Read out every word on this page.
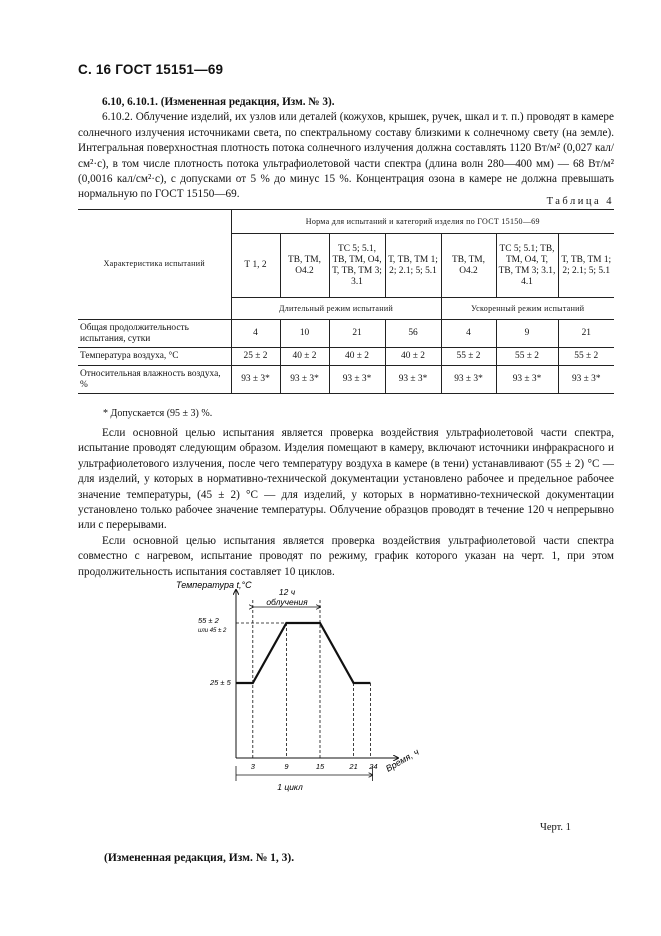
С. 16 ГОСТ 15151—69

6.10, 6.10.1. (Измененная редакция, Изм. № 3).

6.10.2. Облучение изделий, их узлов или деталей (кожухов, крышек, ручек, шкал и т. п.) проводят в камере солнечного излучения источниками света, по спектральному составу близкими к солнечному свету (на земле). Интегральная поверхностная плотность потока солнечного излучения должна составлять 1120 Вт/м² (0,027 кал/см²·с), в том числе плотность потока ультрафиолетовой части спектра (длина волн 280—400 мм) — 68 Вт/м² (0,0016 кал/см²·с), с допусками от 5 % до минус 15 %. Концентрация озона в камере не должна превышать нормальную по ГОСТ 15150—69.

Таблица 4
Характеристика испытаний	Норма для испытаний и категорий изделия по ГОСТ 15150—69						
	Т 1, 2	ТВ, ТМ, О4.2	ТС 5; 5.1, ТВ, ТМ, О4, Т, ТВ, ТМ 3; 3.1	Т, ТВ, ТМ 1; 2; 2.1; 5; 5.1	ТВ, ТМ, О4.2	ТС 5; 5.1; ТВ, ТМ, О4, Т, ТВ, ТМ 3; 3.1, 4.1	Т, ТВ, ТМ 1; 2; 2.1; 5; 5.1
	Длительный режим испытаний				Ускоренный режим испытаний		
Общая продолжительность испытания, сутки	4	10	21	56	4	9	21
Температура воздуха, °С	25 ± 2	40 ± 2	40 ± 2	40 ± 2	55 ± 2	55 ± 2	55 ± 2
Относительная влажность воздуха, %	93 ± 3*	93 ± 3*	93 ± 3*	93 ± 3*	93 ± 3*	93 ± 3*	93 ± 3*
* Допускается (95 ± 3) %.

Если основной целью испытания является проверка воздействия ультрафиолетовой части спектра, испытание проводят следующим образом. Изделия помещают в камеру, включают источники инфракрасного и ультрафиолетового излучения, после чего температуру воздуха в камере (в тени) устанавливают (55 ± 2) °С — для изделий, у которых в нормативно-технической документации установлено рабочее и предельное рабочее значение температуры, (45 ± 2) °С — для изделий, у которых в нормативно-технической документации установлено только рабочее значение температуры. Облучение образцов проводят в течение 120 ч непрерывно или с перерывами.

Если основной целью испытания является проверка воздействия ультрафиолетовой части спектра совместно с нагревом, испытание проводят по режиму, график которого указан на черт. 1, при этом продолжительность испытания составляет 10 циклов.

3	9	15	21 24
Температура t,°С
Время, ч
55 ± 2
или 45 ± 2
25 ± 5
12 ч облучения
1 цикл
Черт. 1
(Измененная редакция, Изм. № 1, 3).
